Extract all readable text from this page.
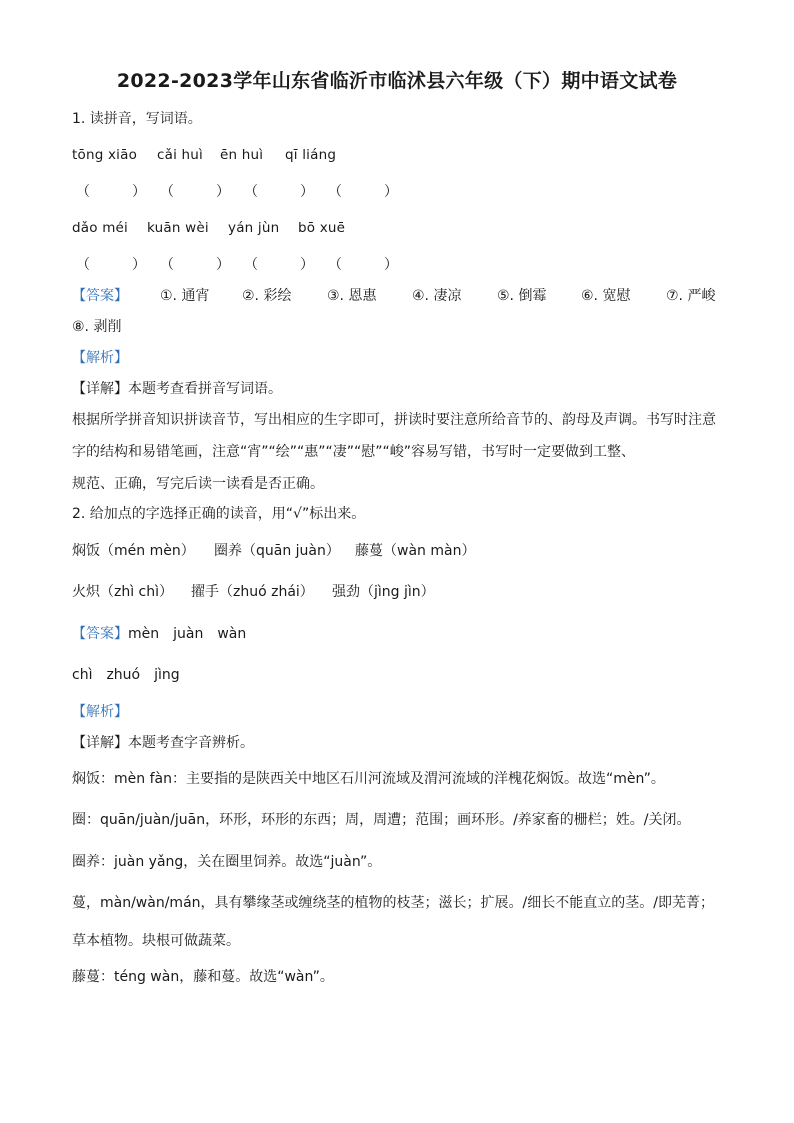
2022-2023学年山东省临沂市临沭县六年级（下）期中语文试卷
1. 读拼音，写词语。
tōng xiāo cǎi huì ēn huì qī liáng
（　　　） （　　　） （　　　） （　　　）
dǎo méi kuān wèi yán jùn bō xuē
（　　　） （　　　） （　　　） （　　　）
【答案】 ①. 通宵 ②. 彩绘	③. 恩惠	④. 凄凉	⑤. 倒霉 ⑥. 宽慰	⑦. 严峻
⑧. 剥削
【解析】
【详解】本题考查看拼音写词语。
根据所学拼音知识拼读音节，写出相应的生字即可，拼读时要注意所给音节的、韵母及声调。书写时注意
字的结构和易错笔画，注意“宵”“绘”“惠”“凄”“慰”“峻”容易写错，书写时一定要做到工整、
规范、正确，写完后读一读看是否正确。
2. 给加点的字选择正确的读音，用“√”标出来。
焖饭（mén mèn） 圈养（quān juàn） 藤蔓（wàn màn）
火炽（zhì chì） 擢手（zhuó zhái） 强劲（jìng jìn）
【答案】mèn　juàn　wàn
chì　zhuó　jìng
【解析】
【详解】本题考查字音辨析。
焖饭：mèn fàn：主要指的是陕西关中地区石川河流域及渭河流域的洋槐花焖饭。故选“mèn”。
圈：quān/juàn/juān，环形，环形的东西；周，周遭；范围；画环形。/养家畜的栅栏；姓。/关闭。
圈养：juàn yǎng，关在圈里饲养。故选“juàn”。
蔓，màn/wàn/mán，具有攀缘茎或缠绕茎的植物的枝茎；滋长；扩展。/细长不能直立的茎。/即芜菁；
草本植物。块根可做蔬菜。
藤蔓：téng wàn，藤和蔓。故选“wàn”。
